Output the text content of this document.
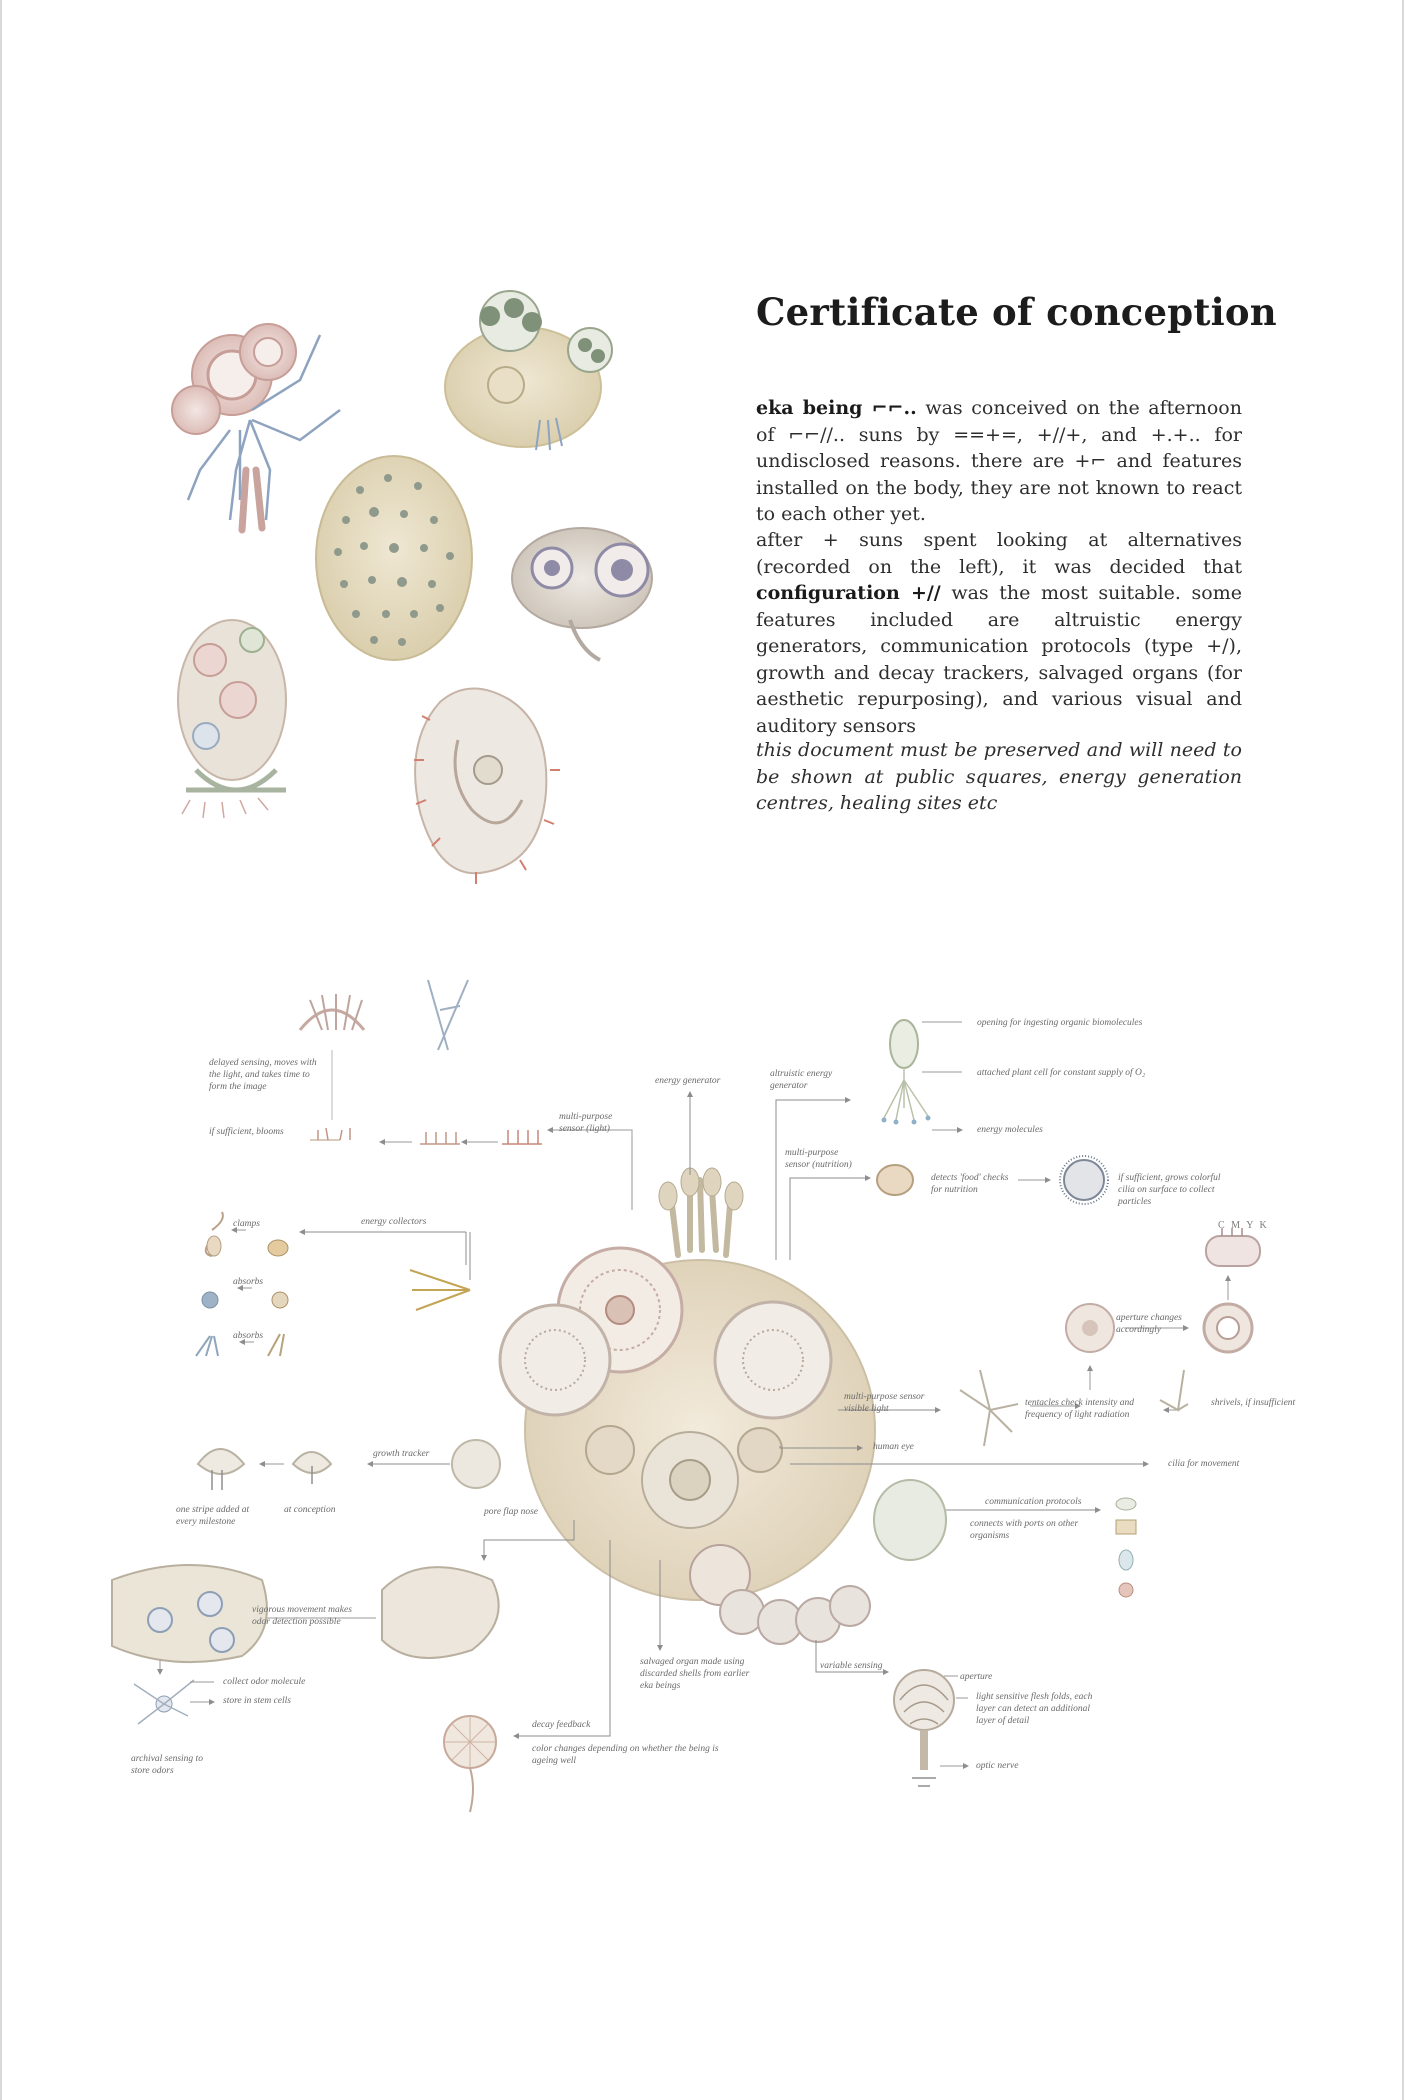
Certificate of conception

eka being ⌐⌐.. was conceived on the afternoon of ⌐⌐//.. suns by ==+=, +//+, and +.+.. for undisclosed reasons. there are +⌐ and features installed on the body, they are not known to react to each other yet.

after + suns spent looking at alternatives (recorded on the left), it was decided that configuration +// was the most suitable. some features included are altruistic energy generators, communication protocols (type +/), growth and decay trackers, salvaged organs (for aesthetic repurposing), and various visual and auditory sensors

this document must be preserved and will need to be shown at public squares, energy generation centres, healing sites etc

delayed sensing, moves with the light, and takes time to form the image

if sufficient, blooms

multi-purpose sensor (light)

energy generator

altruistic energy generator

opening for ingesting organic biomolecules

attached plant cell for constant supply of O₂

energy molecules

multi-purpose sensor (nutrition)

detects 'food' checks for nutrition

if sufficient, grows colorful cilia on surface to collect particles

C M Y K

clamps	energy collectors

absorbs

absorbs

aperture changes accordingly

multi-purpose sensor visible light

tentacles check intensity and frequency of light radiation

shrivels, if insufficient

human eye

cilia for movement

growth tracker

one stripe added at every milestone

at conception

communication protocols

connects with ports on other organisms

pore flap nose

vigorous movement makes odor detection possible

collect odor molecule

store in stem cells

archival sensing to store odors

salvaged organ made using discarded shells from earlier eka beings

variable sensing

aperture

light sensitive flesh folds, each layer can detect an additional layer of detail

optic nerve

decay feedback

color changes depending on whether the being is ageing well
